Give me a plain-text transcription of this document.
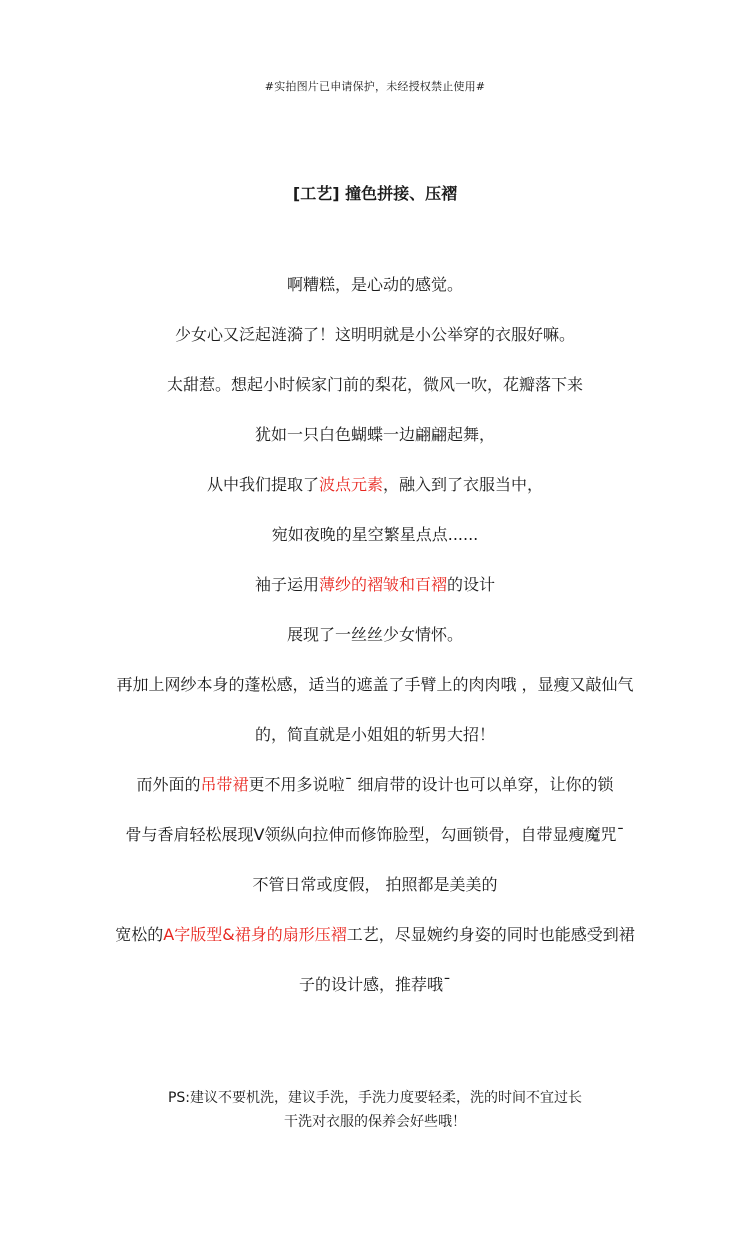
#实拍图片已申请保护，未经授权禁止使用#
[工艺] 撞色拼接、压褶
啊糟糕，是心动的感觉。
少女心又泛起涟漪了！这明明就是小公举穿的衣服好嘛。
太甜惹。想起小时候家门前的梨花，微风一吹，花瓣落下来
犹如一只白色蝴蝶一边翩翩起舞，
从中我们提取了波点元素，融入到了衣服当中，
宛如夜晚的星空繁星点点......
袖子运用薄纱的褶皱和百褶的设计
展现了一丝丝少女情怀。
再加上网纱本身的蓬松感，适当的遮盖了手臂上的肉肉哦 ，显瘦又敲仙气
的，简直就是小姐姐的斩男大招！
而外面的吊带裙更不用多说啦¯ 细肩带的设计也可以单穿，让你的锁
骨与香肩轻松展现V领纵向拉伸而修饰脸型，勾画锁骨，自带显瘦魔咒¯
不管日常或度假， 拍照都是美美的
宽松的A字版型&裙身的扇形压褶工艺，尽显婉约身姿的同时也能感受到裙
子的设计感，推荐哦¯
PS:建议不要机洗，建议手洗，手洗力度要轻柔，洗的时间不宜过长
干洗对衣服的保养会好些哦！
